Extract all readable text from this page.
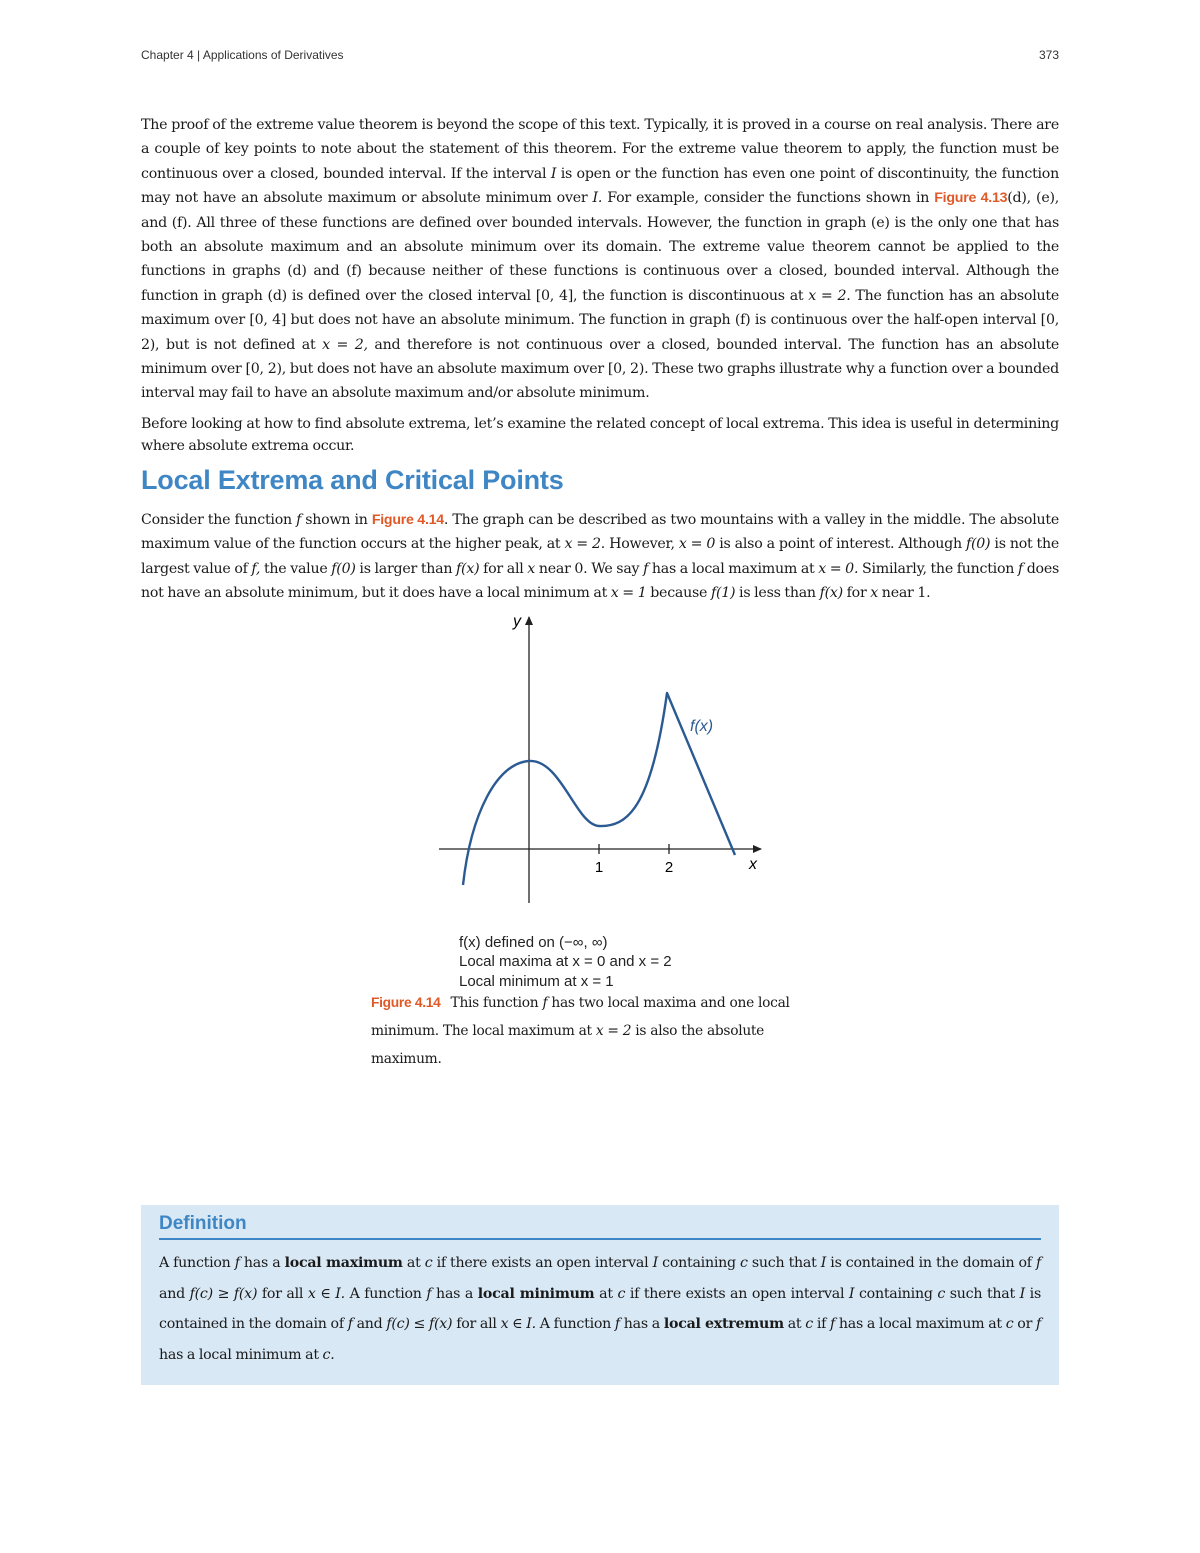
Chapter 4 | Applications of Derivatives	373

The proof of the extreme value theorem is beyond the scope of this text. Typically, it is proved in a course on real analysis. There are a couple of key points to note about the statement of this theorem. For the extreme value theorem to apply, the function must be continuous over a closed, bounded interval. If the interval I is open or the function has even one point of discontinuity, the function may not have an absolute maximum or absolute minimum over I. For example, consider the functions shown in Figure 4.13(d), (e), and (f). All three of these functions are defined over bounded intervals. However, the function in graph (e) is the only one that has both an absolute maximum and an absolute minimum over its domain. The extreme value theorem cannot be applied to the functions in graphs (d) and (f) because neither of these functions is continuous over a closed, bounded interval. Although the function in graph (d) is defined over the closed interval [0, 4], the function is discontinuous at x = 2. The function has an absolute maximum over [0, 4] but does not have an absolute minimum. The function in graph (f) is continuous over the half-open interval [0, 2), but is not defined at x = 2, and therefore is not continuous over a closed, bounded interval. The function has an absolute minimum over [0, 2), but does not have an absolute maximum over [0, 2). These two graphs illustrate why a function over a bounded interval may fail to have an absolute maximum and/or absolute minimum.

Before looking at how to find absolute extrema, let’s examine the related concept of local extrema. This idea is useful in determining where absolute extrema occur.

Local Extrema and Critical Points

Consider the function f shown in Figure 4.14. The graph can be described as two mountains with a valley in the middle. The absolute maximum value of the function occurs at the higher peak, at x = 2. However, x = 0 is also a point of interest. Although f(0) is not the largest value of f, the value f(0) is larger than f(x) for all x near 0. We say f has a local maximum at x = 0. Similarly, the function f does not have an absolute minimum, but it does have a local minimum at x = 1 because f(1) is less than f(x) for x near 1.

1	2	x
y
f(x)
f(x) defined on (−∞, ∞)
Local maxima at x = 0 and x = 2
Local minimum at x = 1
Figure 4.14 This function f has two local maxima and one local minimum. The local maximum at x = 2 is also the absolute maximum.
Definition

A function f has a local maximum at c if there exists an open interval I containing c such that I is contained in the domain of f and f(c) ≥ f(x) for all x ∈ I. A function f has a local minimum at c if there exists an open interval I containing c such that I is contained in the domain of f and f(c) ≤ f(x) for all x ∈ I. A function f has a local extremum at c if f has a local maximum at c or f has a local minimum at c.
